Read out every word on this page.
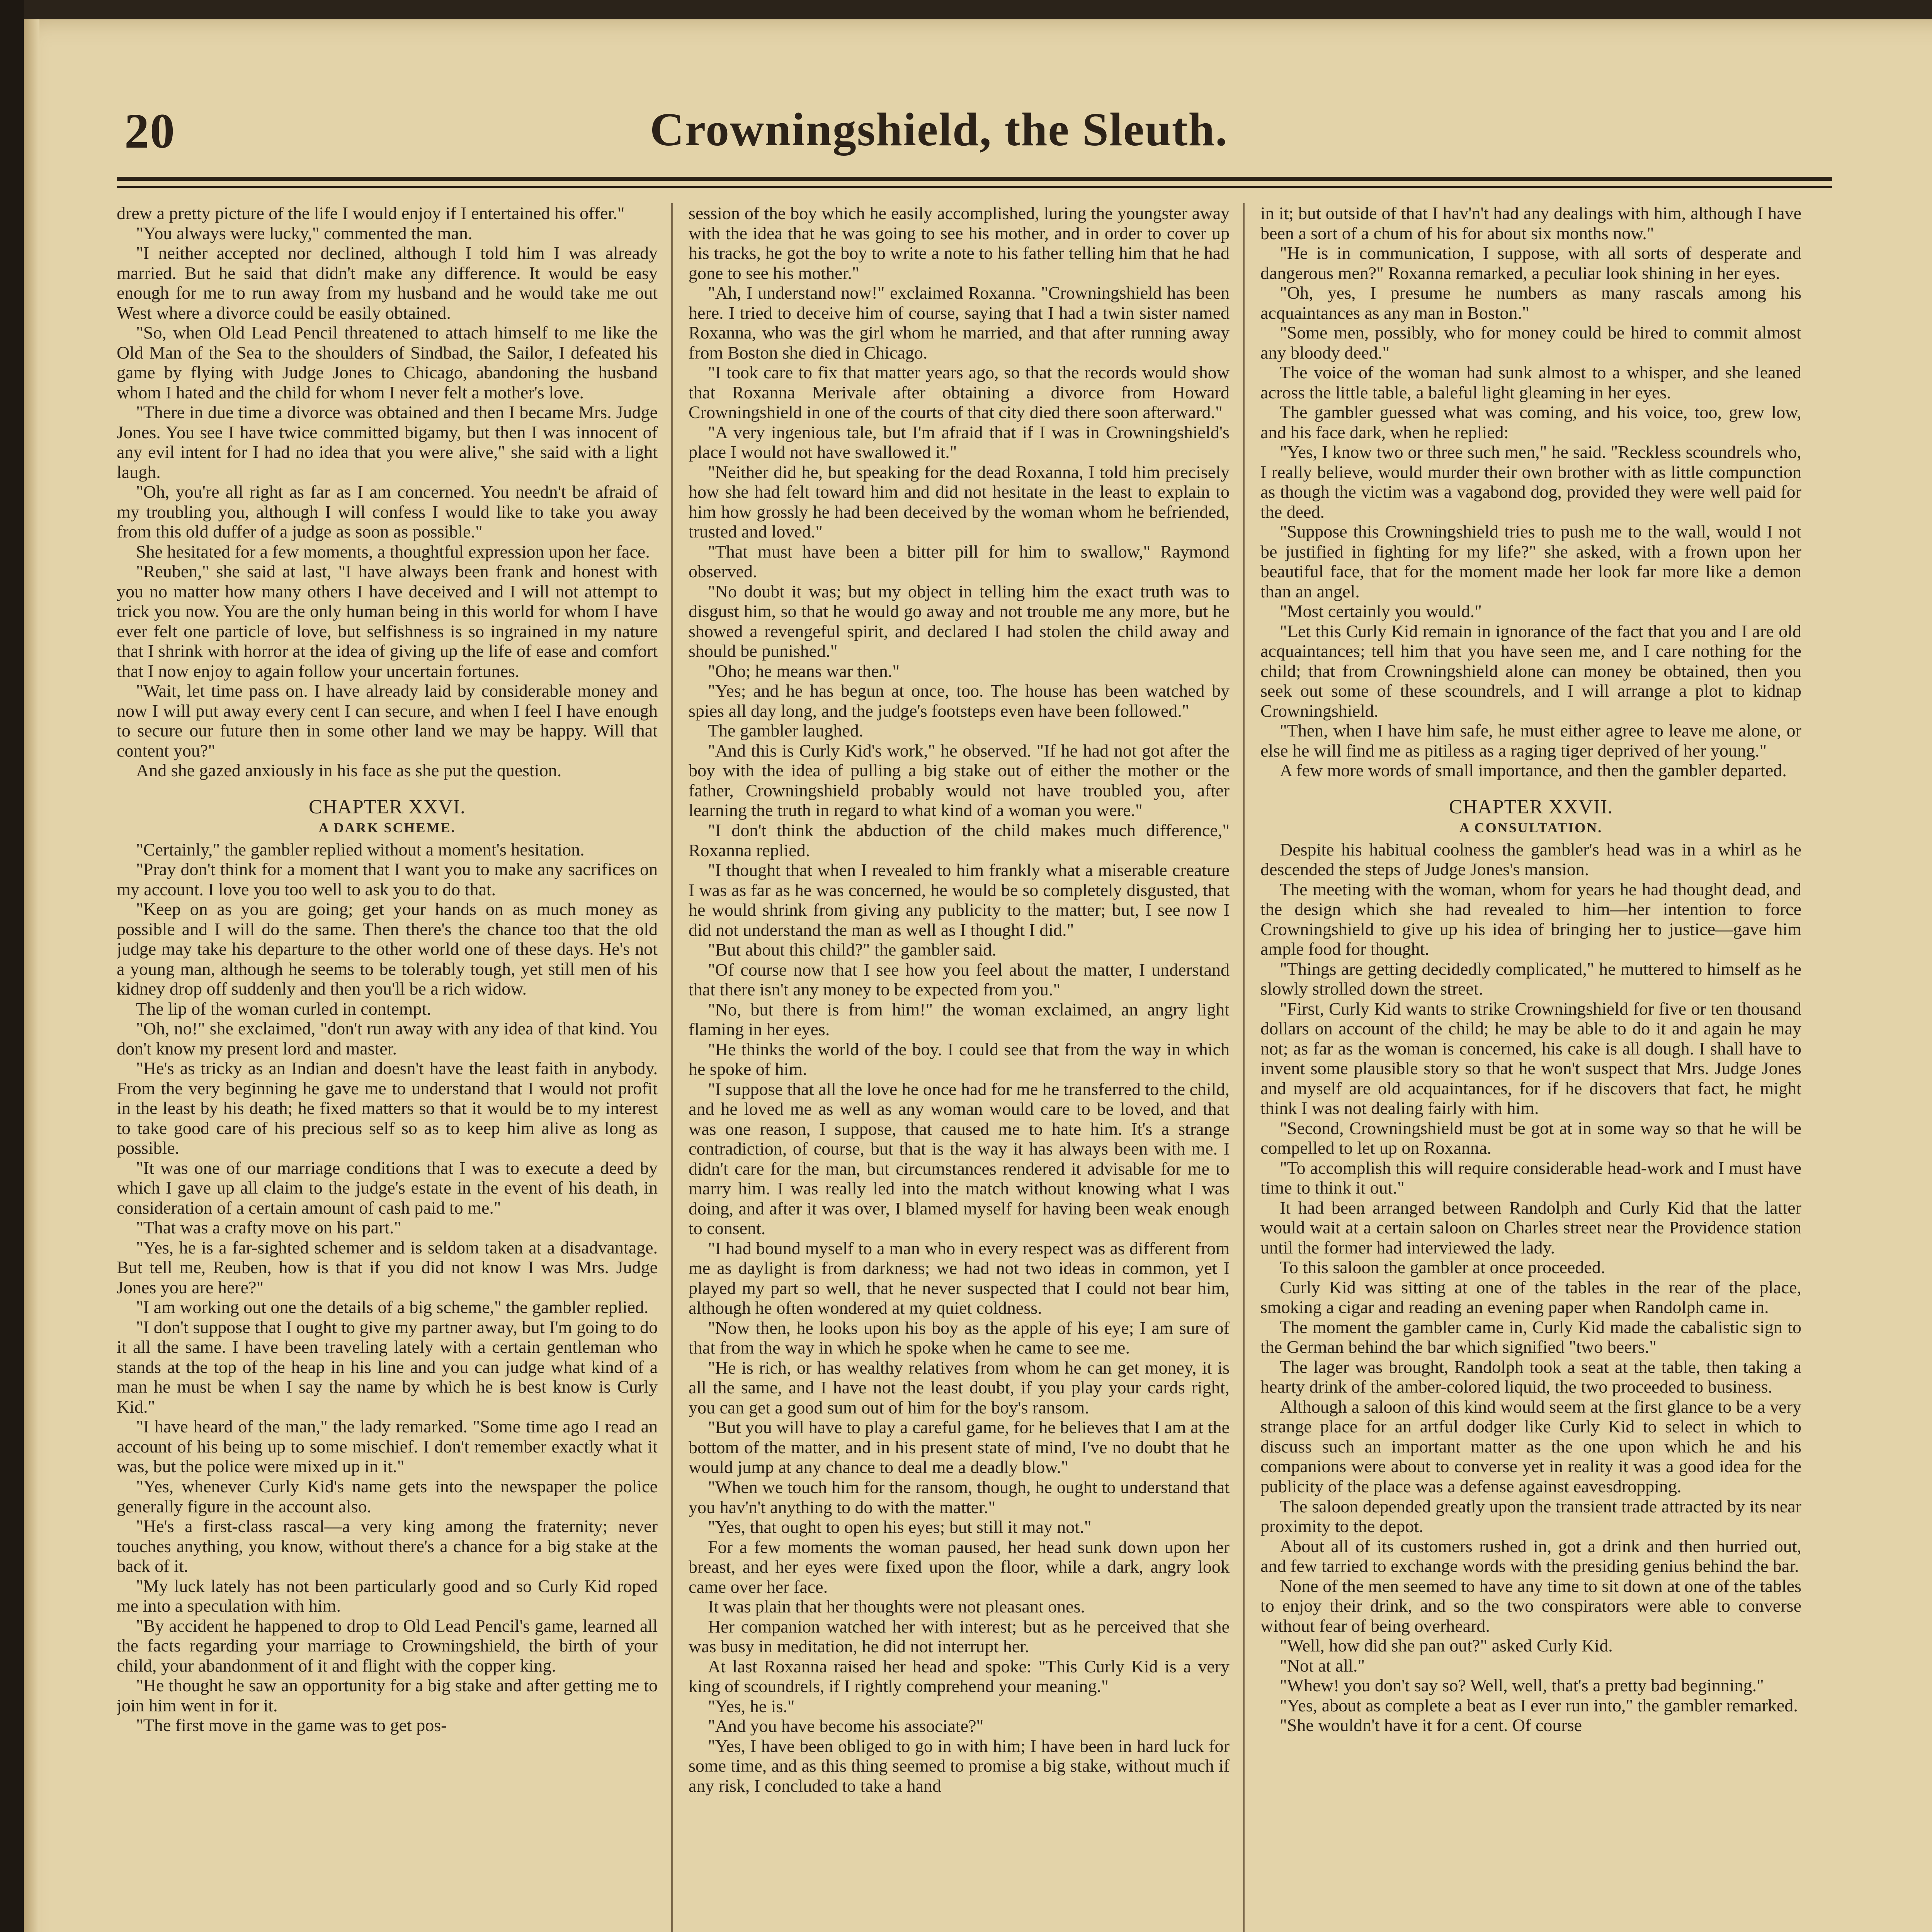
20	Crowningshield, the Sleuth.

drew a pretty picture of the life I would enjoy if I entertained his offer."

"You always were lucky," commented the man.

"I neither accepted nor declined, although I told him I was already married. But he said that didn't make any difference. It would be easy enough for me to run away from my husband and he would take me out West where a divorce could be easily obtained.

"So, when Old Lead Pencil threatened to attach himself to me like the Old Man of the Sea to the shoulders of Sindbad, the Sailor, I defeated his game by flying with Judge Jones to Chicago, abandoning the husband whom I hated and the child for whom I never felt a mother's love.

"There in due time a divorce was obtained and then I became Mrs. Judge Jones. You see I have twice committed bigamy, but then I was innocent of any evil intent for I had no idea that you were alive," she said with a light laugh.

"Oh, you're all right as far as I am concerned. You needn't be afraid of my troubling you, although I will confess I would like to take you away from this old duffer of a judge as soon as possible."

She hesitated for a few moments, a thoughtful expression upon her face.

"Reuben," she said at last, "I have always been frank and honest with you no matter how many others I have deceived and I will not attempt to trick you now. You are the only human being in this world for whom I have ever felt one particle of love, but selfishness is so ingrained in my nature that I shrink with horror at the idea of giving up the life of ease and comfort that I now enjoy to again follow your uncertain fortunes.

"Wait, let time pass on. I have already laid by considerable money and now I will put away every cent I can secure, and when I feel I have enough to secure our future then in some other land we may be happy. Will that content you?"

And she gazed anxiously in his face as she put the question.

CHAPTER XXVI.
A DARK SCHEME.

"Certainly," the gambler replied without a moment's hesitation.

"Pray don't think for a moment that I want you to make any sacrifices on my account. I love you too well to ask you to do that.

"Keep on as you are going; get your hands on as much money as possible and I will do the same. Then there's the chance too that the old judge may take his departure to the other world one of these days. He's not a young man, although he seems to be tolerably tough, yet still men of his kidney drop off suddenly and then you'll be a rich widow.

The lip of the woman curled in contempt.

"Oh, no!" she exclaimed, "don't run away with any idea of that kind. You don't know my present lord and master.

"He's as tricky as an Indian and doesn't have the least faith in anybody. From the very beginning he gave me to understand that I would not profit in the least by his death; he fixed matters so that it would be to my interest to take good care of his precious self so as to keep him alive as long as possible.

"It was one of our marriage conditions that I was to execute a deed by which I gave up all claim to the judge's estate in the event of his death, in consideration of a certain amount of cash paid to me."

"That was a crafty move on his part."

"Yes, he is a far-sighted schemer and is seldom taken at a disadvantage. But tell me, Reuben, how is that if you did not know I was Mrs. Judge Jones you are here?"

"I am working out one the details of a big scheme," the gambler replied.

"I don't suppose that I ought to give my partner away, but I'm going to do it all the same. I have been traveling lately with a certain gentleman who stands at the top of the heap in his line and you can judge what kind of a man he must be when I say the name by which he is best know is Curly Kid."

"I have heard of the man," the lady remarked. "Some time ago I read an account of his being up to some mischief. I don't remember exactly what it was, but the police were mixed up in it."

"Yes, whenever Curly Kid's name gets into the newspaper the police generally figure in the account also.

"He's a first-class rascal—a very king among the fraternity; never touches anything, you know, without there's a chance for a big stake at the back of it.

"My luck lately has not been particularly good and so Curly Kid roped me into a speculation with him.

"By accident he happened to drop to Old Lead Pencil's game, learned all the facts regarding your marriage to Crowningshield, the birth of your child, your abandonment of it and flight with the copper king.

"He thought he saw an opportunity for a big stake and after getting me to join him went in for it.

"The first move in the game was to get pos-

session of the boy which he easily accomplished, luring the youngster away with the idea that he was going to see his mother, and in order to cover up his tracks, he got the boy to write a note to his father telling him that he had gone to see his mother."

"Ah, I understand now!" exclaimed Roxanna. "Crowningshield has been here. I tried to deceive him of course, saying that I had a twin sister named Roxanna, who was the girl whom he married, and that after running away from Boston she died in Chicago.

"I took care to fix that matter years ago, so that the records would show that Roxanna Merivale after obtaining a divorce from Howard Crowningshield in one of the courts of that city died there soon afterward."

"A very ingenious tale, but I'm afraid that if I was in Crowningshield's place I would not have swallowed it."

"Neither did he, but speaking for the dead Roxanna, I told him precisely how she had felt toward him and did not hesitate in the least to explain to him how grossly he had been deceived by the woman whom he befriended, trusted and loved."

"That must have been a bitter pill for him to swallow," Raymond observed.

"No doubt it was; but my object in telling him the exact truth was to disgust him, so that he would go away and not trouble me any more, but he showed a revengeful spirit, and declared I had stolen the child away and should be punished."

"Oho; he means war then."

"Yes; and he has begun at once, too. The house has been watched by spies all day long, and the judge's footsteps even have been followed."

The gambler laughed.

"And this is Curly Kid's work," he observed. "If he had not got after the boy with the idea of pulling a big stake out of either the mother or the father, Crowningshield probably would not have troubled you, after learning the truth in regard to what kind of a woman you were."

"I don't think the abduction of the child makes much difference," Roxanna replied.

"I thought that when I revealed to him frankly what a miserable creature I was as far as he was concerned, he would be so completely disgusted, that he would shrink from giving any publicity to the matter; but, I see now I did not understand the man as well as I thought I did."

"But about this child?" the gambler said.

"Of course now that I see how you feel about the matter, I understand that there isn't any money to be expected from you."

"No, but there is from him!" the woman exclaimed, an angry light flaming in her eyes.

"He thinks the world of the boy. I could see that from the way in which he spoke of him.

"I suppose that all the love he once had for me he transferred to the child, and he loved me as well as any woman would care to be loved, and that was one reason, I suppose, that caused me to hate him. It's a strange contradiction, of course, but that is the way it has always been with me. I didn't care for the man, but circumstances rendered it advisable for me to marry him. I was really led into the match without knowing what I was doing, and after it was over, I blamed myself for having been weak enough to consent.

"I had bound myself to a man who in every respect was as different from me as daylight is from darkness; we had not two ideas in common, yet I played my part so well, that he never suspected that I could not bear him, although he often wondered at my quiet coldness.

"Now then, he looks upon his boy as the apple of his eye; I am sure of that from the way in which he spoke when he came to see me.

"He is rich, or has wealthy relatives from whom he can get money, it is all the same, and I have not the least doubt, if you play your cards right, you can get a good sum out of him for the boy's ransom.

"But you will have to play a careful game, for he believes that I am at the bottom of the matter, and in his present state of mind, I've no doubt that he would jump at any chance to deal me a deadly blow."

"When we touch him for the ransom, though, he ought to understand that you hav'n't anything to do with the matter."

"Yes, that ought to open his eyes; but still it may not."

For a few moments the woman paused, her head sunk down upon her breast, and her eyes were fixed upon the floor, while a dark, angry look came over her face.

It was plain that her thoughts were not pleasant ones.

Her companion watched her with interest; but as he perceived that she was busy in meditation, he did not interrupt her.

At last Roxanna raised her head and spoke: "This Curly Kid is a very king of scoundrels, if I rightly comprehend your meaning."

"Yes, he is."

"And you have become his associate?"

"Yes, I have been obliged to go in with him; I have been in hard luck for some time, and as this thing seemed to promise a big stake, without much if any risk, I concluded to take a hand

in it; but outside of that I hav'n't had any dealings with him, although I have been a sort of a chum of his for about six months now."

"He is in communication, I suppose, with all sorts of desperate and dangerous men?" Roxanna remarked, a peculiar look shining in her eyes.

"Oh, yes, I presume he numbers as many rascals among his acquaintances as any man in Boston."

"Some men, possibly, who for money could be hired to commit almost any bloody deed."

The voice of the woman had sunk almost to a whisper, and she leaned across the little table, a baleful light gleaming in her eyes.

The gambler guessed what was coming, and his voice, too, grew low, and his face dark, when he replied:

"Yes, I know two or three such men," he said. "Reckless scoundrels who, I really believe, would murder their own brother with as little compunction as though the victim was a vagabond dog, provided they were well paid for the deed.

"Suppose this Crowningshield tries to push me to the wall, would I not be justified in fighting for my life?" she asked, with a frown upon her beautiful face, that for the moment made her look far more like a demon than an angel.

"Most certainly you would."

"Let this Curly Kid remain in ignorance of the fact that you and I are old acquaintances; tell him that you have seen me, and I care nothing for the child; that from Crowningshield alone can money be obtained, then you seek out some of these scoundrels, and I will arrange a plot to kidnap Crowningshield.

"Then, when I have him safe, he must either agree to leave me alone, or else he will find me as pitiless as a raging tiger deprived of her young."

A few more words of small importance, and then the gambler departed.

CHAPTER XXVII.
A CONSULTATION.

Despite his habitual coolness the gambler's head was in a whirl as he descended the steps of Judge Jones's mansion.

The meeting with the woman, whom for years he had thought dead, and the design which she had revealed to him—her intention to force Crowningshield to give up his idea of bringing her to justice—gave him ample food for thought.

"Things are getting decidedly complicated," he muttered to himself as he slowly strolled down the street.

"First, Curly Kid wants to strike Crowningshield for five or ten thousand dollars on account of the child; he may be able to do it and again he may not; as far as the woman is concerned, his cake is all dough. I shall have to invent some plausible story so that he won't suspect that Mrs. Judge Jones and myself are old acquaintances, for if he discovers that fact, he might think I was not dealing fairly with him.

"Second, Crowningshield must be got at in some way so that he will be compelled to let up on Roxanna.

"To accomplish this will require considerable head-work and I must have time to think it out."

It had been arranged between Randolph and Curly Kid that the latter would wait at a certain saloon on Charles street near the Providence station until the former had interviewed the lady.

To this saloon the gambler at once proceeded.

Curly Kid was sitting at one of the tables in the rear of the place, smoking a cigar and reading an evening paper when Randolph came in.

The moment the gambler came in, Curly Kid made the cabalistic sign to the German behind the bar which signified "two beers."

The lager was brought, Randolph took a seat at the table, then taking a hearty drink of the amber-colored liquid, the two proceeded to business.

Although a saloon of this kind would seem at the first glance to be a very strange place for an artful dodger like Curly Kid to select in which to discuss such an important matter as the one upon which he and his companions were about to converse yet in reality it was a good idea for the publicity of the place was a defense against eavesdropping.

The saloon depended greatly upon the transient trade attracted by its near proximity to the depot.

About all of its customers rushed in, got a drink and then hurried out, and few tarried to exchange words with the presiding genius behind the bar.

None of the men seemed to have any time to sit down at one of the tables to enjoy their drink, and so the two conspirators were able to converse without fear of being overheard.

"Well, how did she pan out?" asked Curly Kid.

"Not at all."

"Whew! you don't say so? Well, well, that's a pretty bad beginning."

"Yes, about as complete a beat as I ever run into," the gambler remarked.

"She wouldn't have it for a cent. Of course
